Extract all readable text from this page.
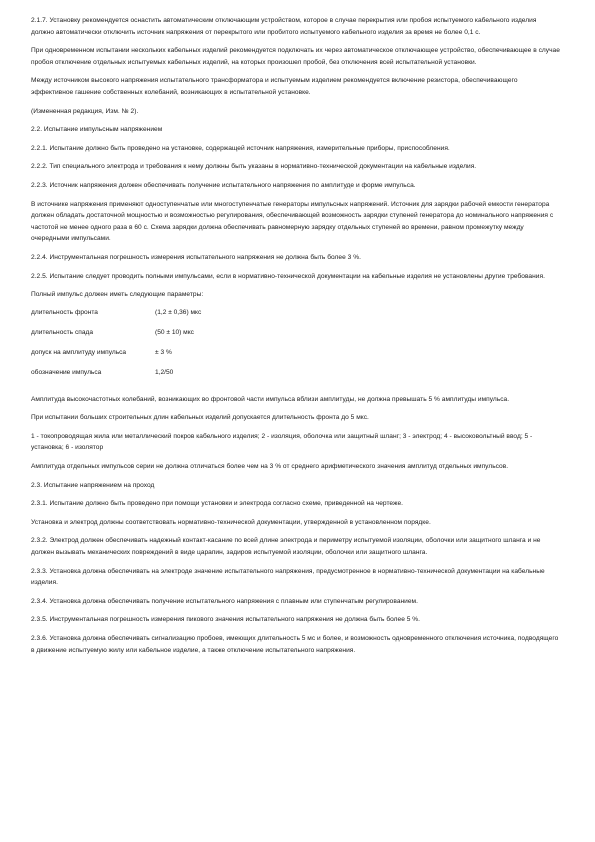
2.1.7. Установку рекомендуется оснастить автоматическим отключающим устройством, которое в случае перекрытия или пробоя испытуемого кабельного изделия должно автоматически отключить источник напряжения от перекрытого или пробитого испытуемого кабельного изделия за время не более 0,1 с.

При одновременном испытании нескольких кабельных изделий рекомендуется подключать их через автоматическое отключающее устройство, обеспечивающее в случае пробоя отключение отдельных испытуемых кабельных изделий, на которых произошел пробой, без отключения всей испытательной установки.

Между источником высокого напряжения испытательного трансформатора и испытуемым изделием рекомендуется включение резистора, обеспечивающего эффективное гашение собственных колебаний, возникающих в испытательной установке.

(Измененная редакция, Изм. № 2).

2.2. Испытание импульсным напряжением

2.2.1. Испытание должно быть проведено на установке, содержащей источник напряжения, измерительные приборы, приспособления.

2.2.2. Тип специального электрода и требования к нему должны быть указаны в нормативно-технической документации на кабельные изделия.

2.2.3. Источник напряжения должен обеспечивать получение испытательного напряжения по амплитуде и форме импульса.

В источнике напряжения применяют одноступенчатые или многоступенчатые генераторы импульсных напряжений. Источник для зарядки рабочей емкости генератора должен обладать достаточной мощностью и возможностью регулирования, обеспечивающей возможность зарядки ступеней генератора до номинального напряжения с частотой не менее одного раза в 60 с. Схема зарядки должна обеспечивать равномерную зарядку отдельных ступеней во времени, равном промежутку между очередными импульсами.

2.2.4. Инструментальная погрешность измерения испытательного напряжения не должна быть более 3 %.

2.2.5. Испытание следует проводить полными импульсами, если в нормативно-технической документации на кабельные изделия не установлены другие требования.

Полный импульс должен иметь следующие параметры:

длительность фронта	(1,2 ± 0,36) мкс
длительность спада	(50 ± 10) мкс
допуск на амплитуду импульса	± 3 %
обозначение импульса	1,2/50

Амплитуда высокочастотных колебаний, возникающих во фронтовой части импульса вблизи амплитуды, не должна превышать 5 % амплитуды импульса.

При испытании больших строительных длин кабельных изделий допускается длительность фронта до 5 мкс.

1 - токопроводящая жила или металлический покров кабельного изделия; 2 - изоляция, оболочка или защитный шланг; 3 - электрод; 4 - высоковольтный ввод; 5 - установка; 6 - изолятор

Амплитуда отдельных импульсов серии не должна отличаться более чем на 3 % от среднего арифметического значения амплитуд отдельных импульсов.

2.3. Испытание напряжением на проход

2.3.1. Испытание должно быть проведено при помощи установки и электрода согласно схеме, приведенной на чертеже.

Установка и электрод должны соответствовать нормативно-технической документации, утвержденной в установленном порядке.

2.3.2. Электрод должен обеспечивать надежный контакт-касание по всей длине электрода и периметру испытуемой изоляции, оболочки или защитного шланга и не должен вызывать механических повреждений в виде царапин, задиров испытуемой изоляции, оболочки или защитного шланга.

2.3.3. Установка должна обеспечивать на электроде значение испытательного напряжения, предусмотренное в нормативно-технической документации на кабельные изделия.

2.3.4. Установка должна обеспечивать получение испытательного напряжения с плавным или ступенчатым регулированием.

2.3.5. Инструментальная погрешность измерения пикового значения испытательного напряжения не должна быть более 5 %.

2.3.6. Установка должна обеспечивать сигнализацию пробоев, имеющих длительность 5 мс и более, и возможность одновременного отключения источника, подводящего в движение испытуемую жилу или кабельное изделие, а также отключение испытательного напряжения.
